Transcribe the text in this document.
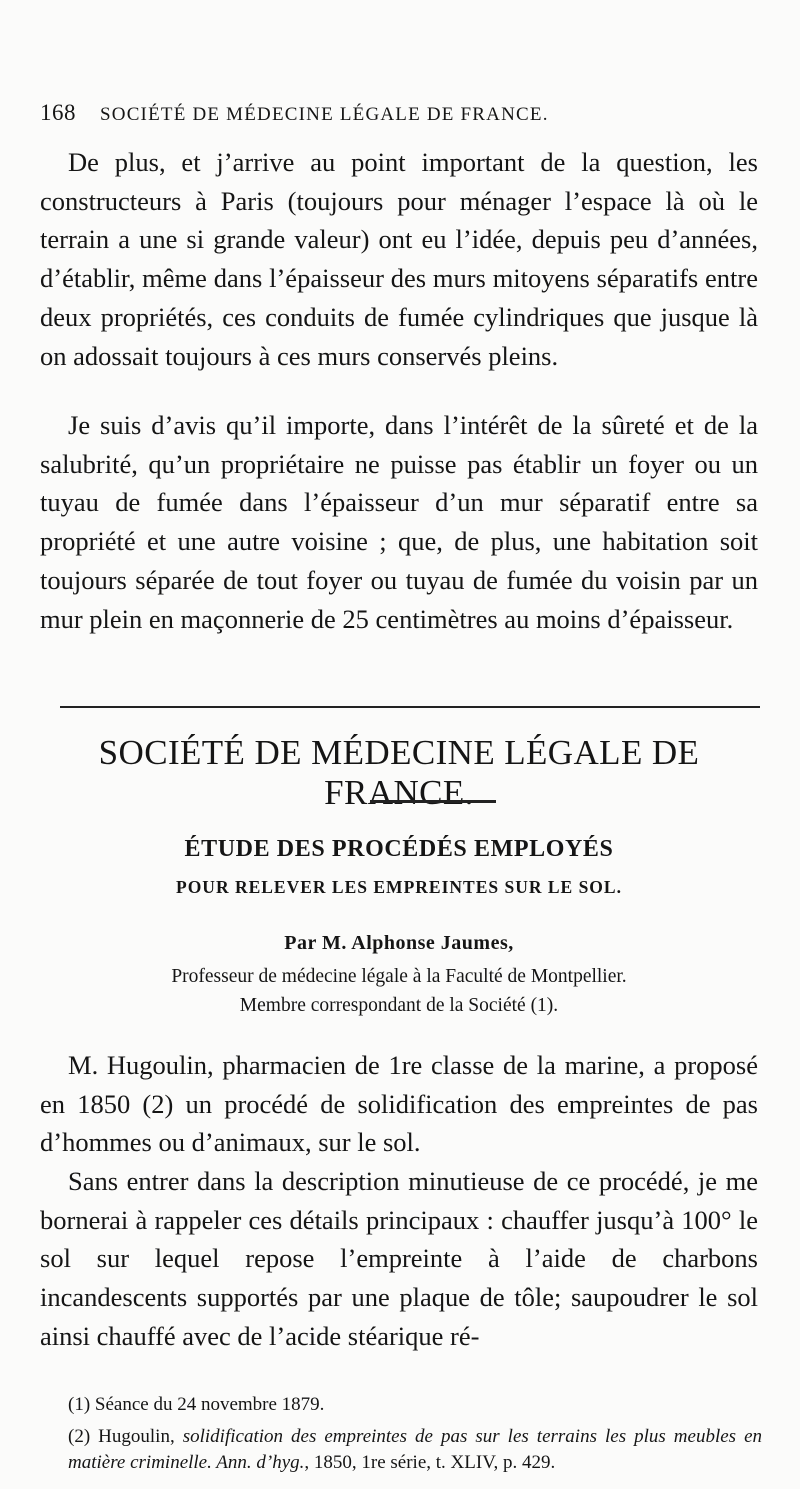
168 SOCIÉTÉ DE MÉDECINE LÉGALE DE FRANCE.

De plus, et j’arrive au point important de la question, les constructeurs à Paris (toujours pour ménager l’espace là où le terrain a une si grande valeur) ont eu l’idée, depuis peu d’années, d’établir, même dans l’épaisseur des murs mitoyens séparatifs entre deux propriétés, ces conduits de fumée cylindriques que jusque là on adossait toujours à ces murs conservés pleins.

Je suis d’avis qu’il importe, dans l’intérêt de la sûreté et de la salubrité, qu’un propriétaire ne puisse pas établir un foyer ou un tuyau de fumée dans l’épaisseur d’un mur séparatif entre sa propriété et une autre voisine ; que, de plus, une habitation soit toujours séparée de tout foyer ou tuyau de fumée du voisin par un mur plein en maçonnerie de 25 centimètres au moins d’épaisseur.

SOCIÉTÉ DE MÉDECINE LÉGALE DE FRANCE.
ÉTUDE DES PROCÉDÉS EMPLOYÉS
POUR RELEVER LES EMPREINTES SUR LE SOL.
Par M. Alphonse Jaumes,
Professeur de médecine légale à la Faculté de Montpellier.
Membre correspondant de la Société (1).

M. Hugoulin, pharmacien de 1re classe de la marine, a proposé en 1850 (2) un procédé de solidification des empreintes de pas d’hommes ou d’animaux, sur le sol.

Sans entrer dans la description minutieuse de ce procédé, je me bornerai à rappeler ces détails principaux : chauffer jusqu’à 100° le sol sur lequel repose l’empreinte à l’aide de charbons incandescents supportés par une plaque de tôle; saupoudrer le sol ainsi chauffé avec de l’acide stéarique ré-

(1) Séance du 24 novembre 1879.
(2) Hugoulin, solidification des empreintes de pas sur les terrains les plus meubles en matière criminelle. Ann. d’hyg., 1850, 1re série, t. XLIV, p. 429.
